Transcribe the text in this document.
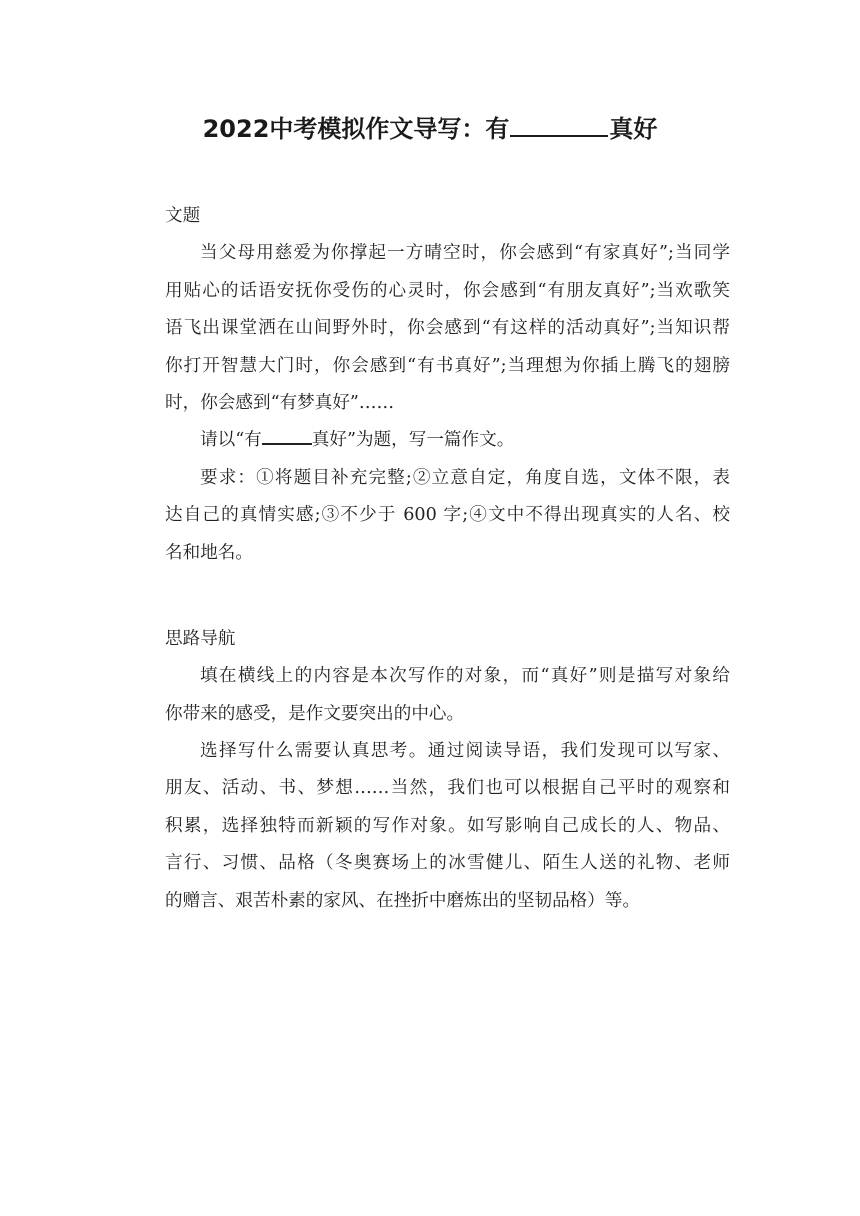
2022中考模拟作文导写：有	真好

文题

当父母用慈爱为你撑起一方晴空时，你会感到“有家真好”;当同学
用贴心的话语安抚你受伤的心灵时，你会感到“有朋友真好”;当欢歌笑
语飞出课堂洒在山间野外时，你会感到“有这样的活动真好”;当知识帮
你打开智慧大门时，你会感到“有书真好”;当理想为你插上腾飞的翅膀
时，你会感到“有梦真好”……
请以“有	真好”为题，写一篇作文。
要求：①将题目补充完整;②立意自定，角度自选，文体不限，表
达自己的真情实感;③不少于 600 字;④文中不得出现真实的人名、校
名和地名。

思路导航

填在横线上的内容是本次写作的对象，而“真好”则是描写对象给
你带来的感受，是作文要突出的中心。
选择写什么需要认真思考。通过阅读导语，我们发现可以写家、
朋友、活动、书、梦想……当然，我们也可以根据自己平时的观察和
积累，选择独特而新颖的写作对象。如写影响自己成长的人、物品、
言行、习惯、品格（冬奥赛场上的冰雪健儿、陌生人送的礼物、老师
的赠言、艰苦朴素的家风、在挫折中磨炼出的坚韧品格）等。
